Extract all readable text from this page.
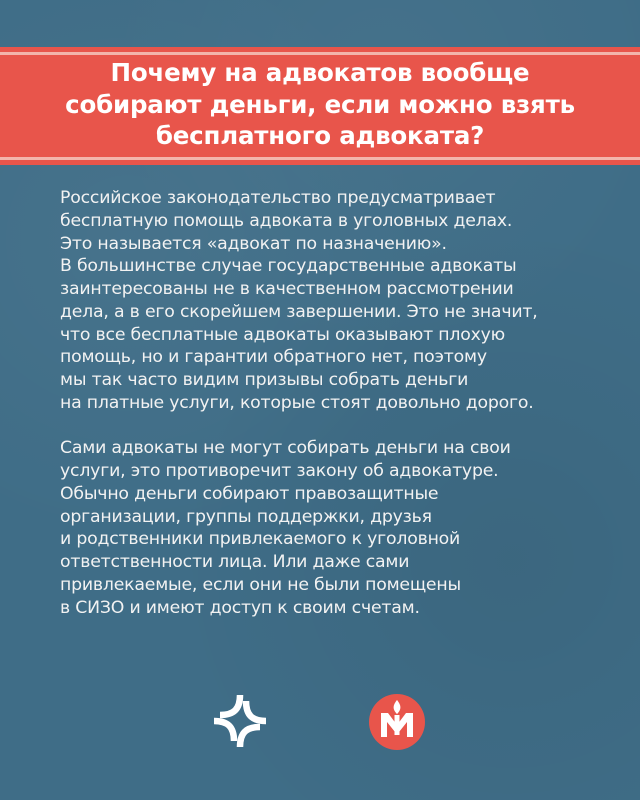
Почему на адвокатов вообще
собирают деньги, если можно взять
бесплатного адвоката?

Российское законодательство предусматривает
бесплатную помощь адвоката в уголовных делах.
Это называется «адвокат по назначению».
В большинстве случае государственные адвокаты
заинтересованы не в качественном рассмотрении
дела, а в его скорейшем завершении. Это не значит,
что все бесплатные адвокаты оказывают плохую
помощь, но и гарантии обратного нет, поэтому
мы так часто видим призывы собрать деньги
на платные услуги, которые стоят довольно дорого.

Сами адвокаты не могут собирать деньги на свои
услуги, это противоречит закону об адвокатуре.
Обычно деньги собирают правозащитные
организации, группы поддержки, друзья
и родственники привлекаемого к уголовной
ответственности лица. Или даже сами
привлекаемые, если они не были помещены
в СИЗО и имеют доступ к своим счетам.
